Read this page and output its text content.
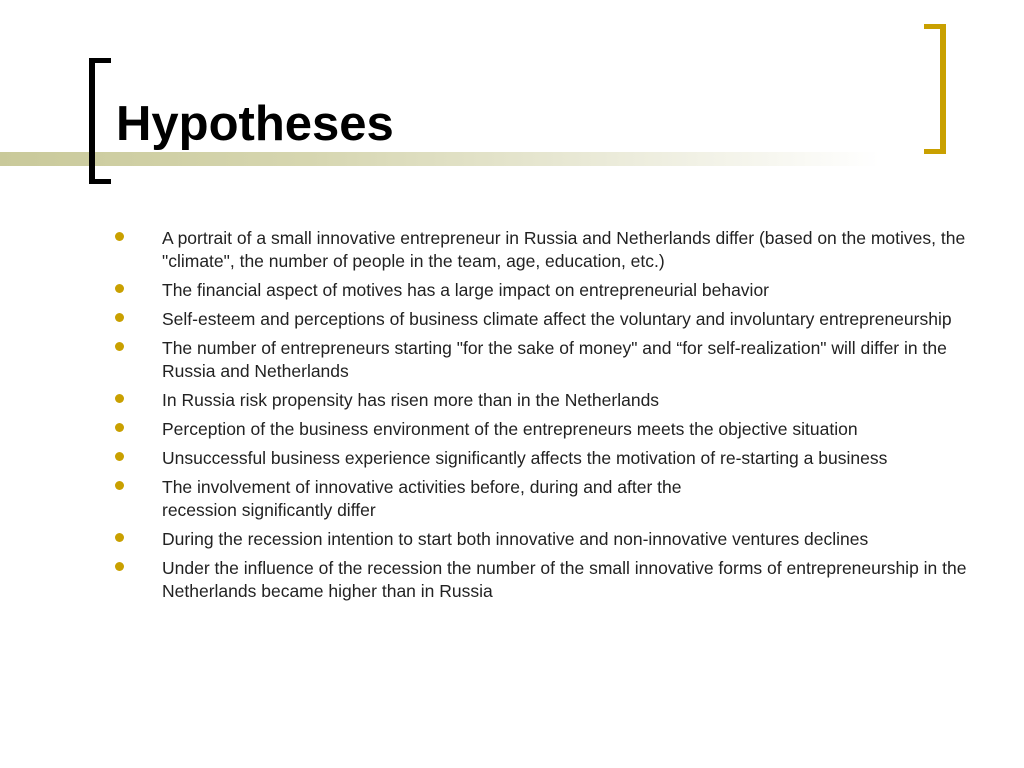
Hypotheses
A portrait of a small innovative entrepreneur in Russia and Netherlands differ (based on the motives, the "climate", the number of people in the team, age, education, etc.)
The financial aspect of motives has a large impact on entrepreneurial behavior
Self-esteem and perceptions of business climate affect the voluntary and involuntary entrepreneurship
The number of entrepreneurs starting "for the sake of money" and “for self-realization" will differ in the Russia and Netherlands
In Russia risk propensity has risen more than in the Netherlands
Perception of the business environment of the entrepreneurs meets the objective situation
Unsuccessful business experience significantly affects the motivation of re-starting a business
The involvement of innovative activities before, during and after the recession significantly differ
During the recession intention to start both innovative and non-innovative ventures declines
Under the influence of the recession the number of the small innovative forms of entrepreneurship in the Netherlands became higher than in Russia
